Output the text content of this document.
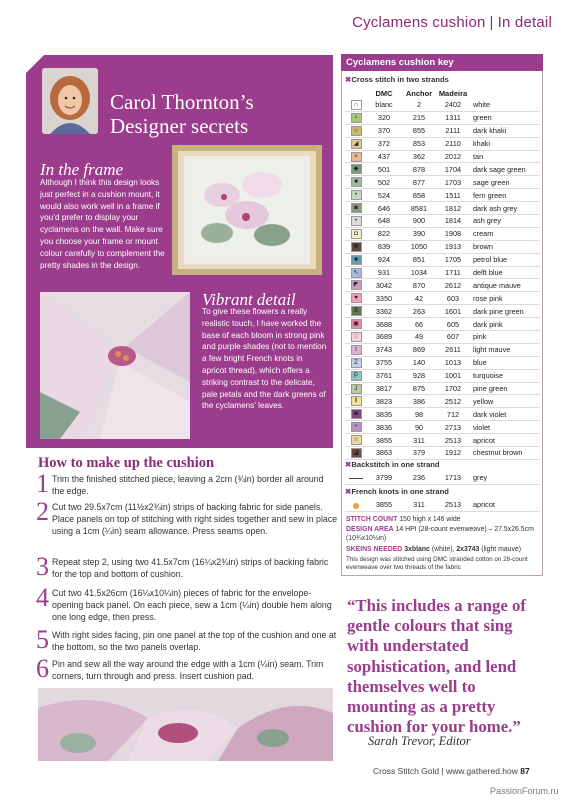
Cyclamens cushion | In detail
Carol Thornton’s Designer secrets
In the frame
Although I think this design looks just perfect in a cushion mount, it would also work well in a frame if you’d prefer to display your cyclamens on the wall. Make sure you choose your frame or mount colour carefully to complement the pretty shades in the design.
Vibrant detail
To give these flowers a really realistic touch, I have worked the base of each bloom in strong pink and purple shades (not to mention a few bright French knots in apricot thread), which offers a striking contrast to the delicate, pale petals and the dark greens of the cyclamens’ leaves.
How to make up the cushion
1 Trim the finished stitched piece, leaving a 2cm (¾in) border all around the edge.
2 Cut two 29.5x7cm (11½x2¾in) strips of backing fabric for side panels. Place panels on top of stitching with right sides together and sew in place using a 1cm (¼in) seam allowance. Press seams open.
3 Repeat step 2, using two 41.5x7cm (16¼x2¾in) strips of backing fabric for the top and bottom of cushion.
4 Cut two 41.5x26cm (16¼x10¼in) pieces of fabric for the envelope-opening back panel. On each piece, sew a 1cm (¼in) double hem along one long edge, then press.
5 With right sides facing, pin one panel at the top of the cushion and one at the bottom, so the two panels overlap.
6 Pin and sew all the way around the edge with a 1cm (¼in) seam. Trim corners, turn through and press. Insert cushion pad.
Cyclamens cushion key
✖Cross stitch in two strands
	DMC	Anchor	Madeira	
∩	blanc	2	2402	white
♀	320	215	1311	green
○	370	855	2111	dark khaki
◢	372	853	2110	khaki
×	437	362	2012	tan
◆	501	878	1704	dark sage green
■	502	877	1703	sage green
•	524	858	1511	fern green
◙	646	8581	1812	dark ash grey
•	648	900	1814	ash grey
◘	822	390	1908	cream
✱	839	1050	1913	brown
■	924	851	1705	petrol blue
↖	931	1034	1711	delft blue
◤	3042	870	2612	antique mauve
♥	3350	42	603	rose pink
$	3362	263	1601	dark pine green
▣	3688	66	605	dark pink
♡	3689	49	607	pink
I	3743	869	2611	light mauve
Z	3755	140	1013	blue
P	3761	928	1001	turquoise
J	3817	875	1702	pine green
‖	3823	386	2512	yellow
◙	3835	98	712	dark violet
÷	3836	90	2713	violet
☆	3855	311	2513	apricot
◪	3863	379	1912	chestnut brown
✖Backstitch in one strand
	3799	236	1713	grey
✖French knots in one strand
	3855	311	2513	apricot
STITCH COUNT 150 high x 146 wide
DESIGN AREA 14 HPI (28-count evenweave) – 27.5x26.5cm (10¾x10½in)
SKEINS NEEDED 3xblanc (white), 2x3743 (light mauve)
This design was stitched using DMC stranded cotton on 28-count evenweave over two threads of the fabric
“This includes a range of gentle colours that sing with understated sophistication, and lend themselves well to mounting as a pretty cushion for your home.”
Sarah Trevor, Editor
Cross Stitch Gold | www.gathered.how 87
PassionForum.ru
